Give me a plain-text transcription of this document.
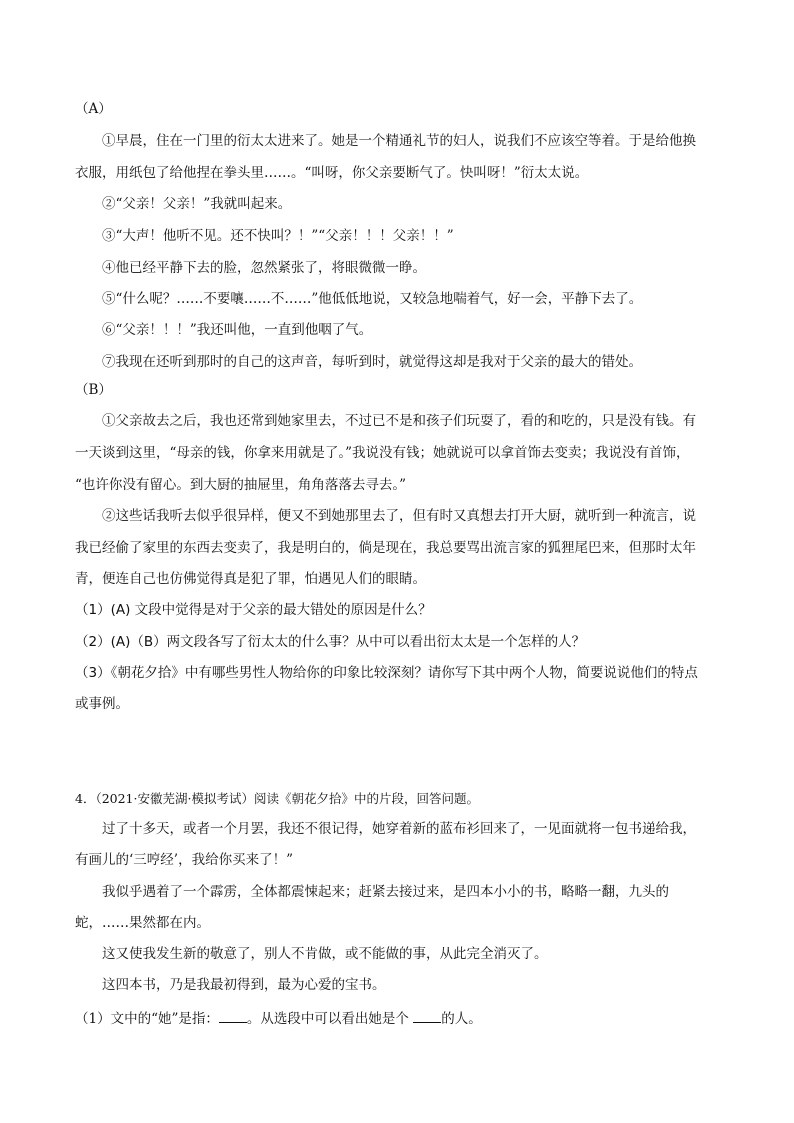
（A）
①早晨，住在一门里的衍太太进来了。她是一个精通礼节的妇人，说我们不应该空等着。于是给他换
衣服，用纸包了给他捏在拳头里……。“叫呀，你父亲要断气了。快叫呀！”衍太太说。
②“父亲！父亲！”我就叫起来。
③“大声！他听不见。还不快叫？！”“父亲！！！父亲！！”
④他已经平静下去的脸，忽然紧张了，将眼微微一睁。
⑤“什么呢？……不要嚷……不……”他低低地说，又较急地喘着气，好一会，平静下去了。
⑥“父亲！！！”我还叫他，一直到他咽了气。
⑦我现在还听到那时的自己的这声音，每听到时，就觉得这却是我对于父亲的最大的错处。
（B）
①父亲故去之后，我也还常到她家里去，不过已不是和孩子们玩耍了，看的和吃的，只是没有钱。有
一天谈到这里，“母亲的钱，你拿来用就是了。”我说没有钱；她就说可以拿首饰去变卖；我说没有首饰，
“也许你没有留心。到大厨的抽屉里，角角落落去寻去。”
②这些话我听去似乎很异样，便又不到她那里去了，但有时又真想去打开大厨，就听到一种流言，说
我已经偷了家里的东西去变卖了，我是明白的，倘是现在，我总要骂出流言家的狐狸尾巴来，但那时太年
青，便连自己也仿佛觉得真是犯了罪，怕遇见人们的眼睛。
（1）(A) 文段中觉得是对于父亲的最大错处的原因是什么？
（2）(A)（B）两文段各写了衍太太的什么事？从中可以看出衍太太是一个怎样的人？
（3）《朝花夕拾》中有哪些男性人物给你的印象比较深刻？请你写下其中两个人物，简要说说他们的特点
或事例。
4．（2021·安徽芜湖·模拟考试）阅读《朝花夕拾》中的片段，回答问题。
过了十多天，或者一个月罢，我还不很记得，她穿着新的蓝布衫回来了，一见面就将一包书递给我，
有画儿的‘三哼经’，我给你买来了！”
我似乎遇着了一个霹雳，全体都震悚起来；赶紧去接过来，是四本小小的书，略略一翻，九头的
蛇，……果然都在内。
这又使我发生新的敬意了，别人不肯做，或不能做的事，从此完全消灭了。
这四本书，乃是我最初得到，最为心爱的宝书。
（1）文中的“她”是指： 。从选段中可以看出她是个 的人。
